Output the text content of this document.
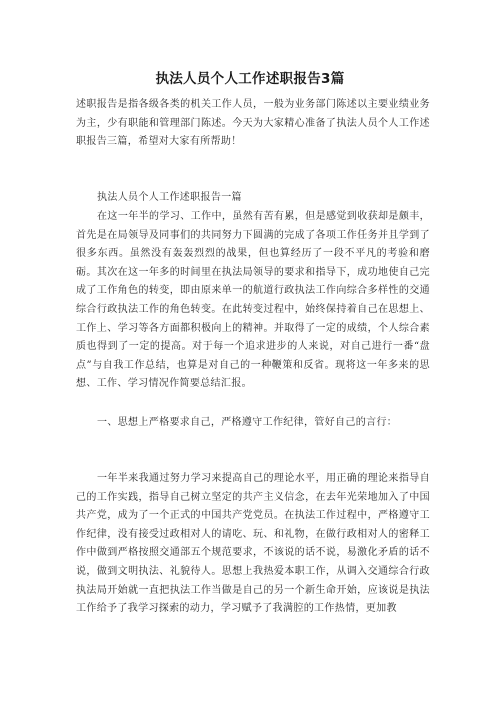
执法人员个人工作述职报告3篇
述职报告是指各级各类的机关工作人员，一般为业务部门陈述以主要业绩业务为主，少有职能和管理部门陈述。今天为大家精心准备了执法人员个人工作述职报告三篇，希望对大家有所帮助！
执法人员个人工作述职报告一篇
在这一年半的学习、工作中，虽然有苦有累，但是感觉到收获却是颇丰，首先是在局领导及同事们的共同努力下圆满的完成了各项工作任务并且学到了很多东西。虽然没有轰轰烈烈的战果，但也算经历了一段不平凡的考验和磨砺。其次在这一年多的时间里在执法局领导的要求和指导下，成功地使自己完成了工作角色的转变，即由原来单一的航道行政执法工作向综合多样性的交通综合行政执法工作的角色转变。在此转变过程中，始终保持着自己在思想上、工作上、学习等各方面都积极向上的精神。并取得了一定的成绩，个人综合素质也得到了一定的提高。对于每一个追求进步的人来说，对自己进行一番“盘点”与自我工作总结，也算是对自己的一种鞭策和反省。现将这一年多来的思想、工作、学习情况作简要总结汇报。
一、思想上严格要求自己，严格遵守工作纪律，管好自己的言行：
一年半来我通过努力学习来提高自己的理论水平，用正确的理论来指导自己的工作实践，指导自己树立坚定的共产主义信念，在去年光荣地加入了中国共产党，成为了一个正式的中国共产党党员。在执法工作过程中，严格遵守工作纪律，没有接受过政相对人的请吃、玩、和礼物，在做行政相对人的密释工作中做到严格按照交通部五个规范要求，不该说的话不说，易激化矛盾的话不说，做到文明执法、礼貌待人。思想上我热爱本职工作，从调入交通综合行政执法局开始就一直把执法工作当做是自己的另一个新生命开始，应该说是执法工作给予了我学习探索的动力，学习赋予了我满腔的工作热情，更加教
